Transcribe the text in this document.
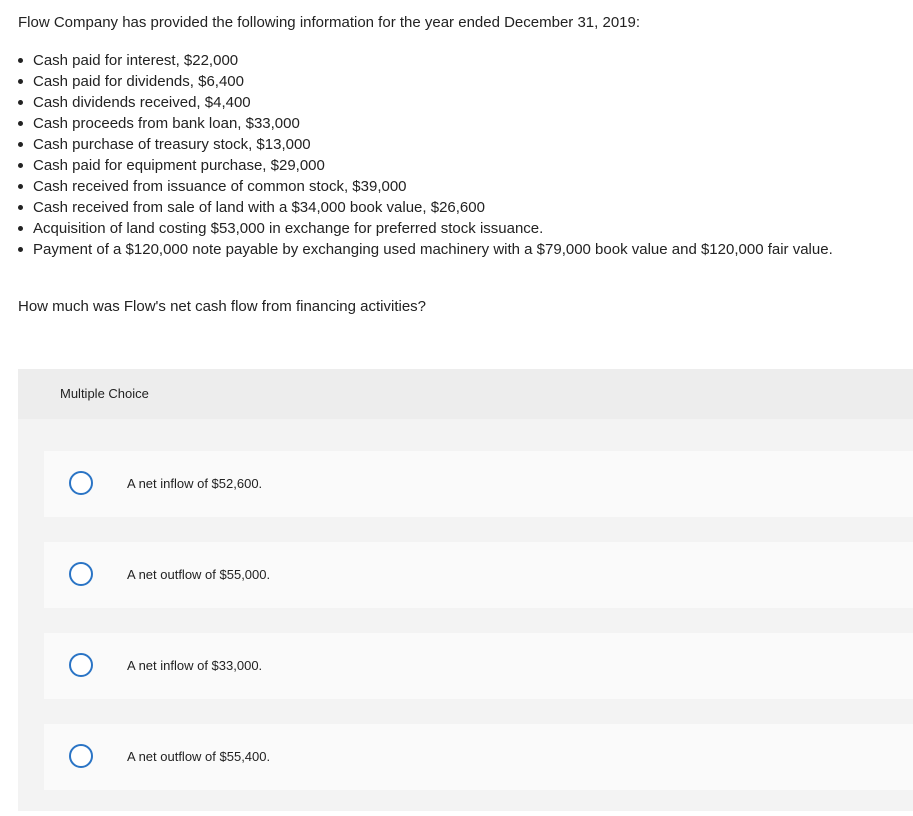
Flow Company has provided the following information for the year ended December 31, 2019:
Cash paid for interest, $22,000
Cash paid for dividends, $6,400
Cash dividends received, $4,400
Cash proceeds from bank loan, $33,000
Cash purchase of treasury stock, $13,000
Cash paid for equipment purchase, $29,000
Cash received from issuance of common stock, $39,000
Cash received from sale of land with a $34,000 book value, $26,600
Acquisition of land costing $53,000 in exchange for preferred stock issuance.
Payment of a $120,000 note payable by exchanging used machinery with a $79,000 book value and $120,000 fair value.
How much was Flow's net cash flow from financing activities?
Multiple Choice
A net inflow of $52,600.
A net outflow of $55,000.
A net inflow of $33,000.
A net outflow of $55,400.
